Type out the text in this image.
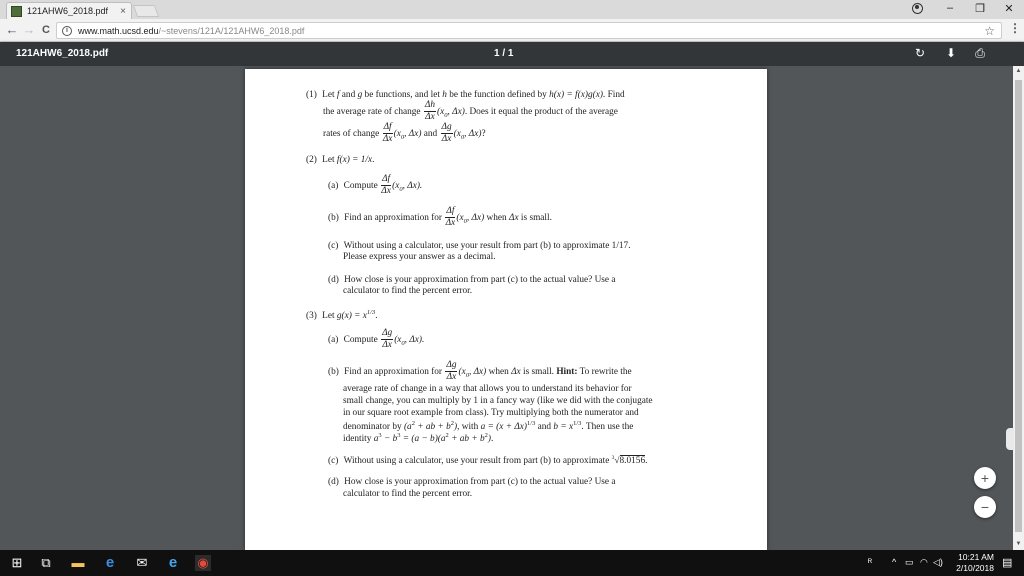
121AHW6_2018.pdf	×	–	❐	✕
← → C	i	www.math.ucsd.edu /~stevens/121A/121AHW6_2018.pdf	☆ ⋮
121AHW6_2018.pdf	1 / 1	↻ ⬇ ⎙
(1) Let f and g be functions, and let h be the function defined by h(x) = f(x)g(x). Find
the average rate of change $\frac{\Delta h}{\Delta x} (x_0$, Δx). Does it equal the product of the average
rates of change $\frac{\Delta f}{\Delta x} (x_0$, Δx) and $\frac{\Delta g}{\Delta x} (x_0$, Δx)?
(2) Let f(x) = 1/x.
(a) Compute $\frac{\Delta f}{\Delta x} (x_0$, Δx).
(b) Find an approximation for $\frac{\Delta f}{\Delta x} (x_0$, Δx) when Δx is small.
(c) Without using a calculator, use your result from part (b) to approximate 1/17.
Please express your answer as a decimal.
(d) How close is your approximation from part (c) to the actual value? Use a
calculator to find the percent error.
(3) Let $g(x) = x^{1/3}$.
(a) Compute $\frac{\Delta g}{\Delta x} (x_0$, Δx).
(b) Find an approximation for $\frac{\Delta g}{\Delta x} (x_0$, Δx) when Δx is small. Hint: To rewrite the
average rate of change in a way that allows you to understand its behavior for
small change, you can multiply by 1 in a fancy way (like we did with the conjugate
in our square root example from class). Try multiplying both the numerator and
denominator by ($a^2$ + ab + $b^2$), with $a = (x + \Delta x)^{1/3}$ and $b = x^{1/3}$. Then use the
identity $a^3 - b^3 = (a - b)(a^2$ + ab + $b^2$).
(c) Without using a calculator, use your result from part (b) to approximate $^3$√8.0156.
(d) How close is your approximation from part (c) to the actual value? Use a
calculator to find the percent error.
▲
▼
+
−
⊞ ⧉ ▬ e ✉ e ◉	ᴿ ^ ▭ ◠ ◁)	10:21 AM
2/10/2018 ▤
